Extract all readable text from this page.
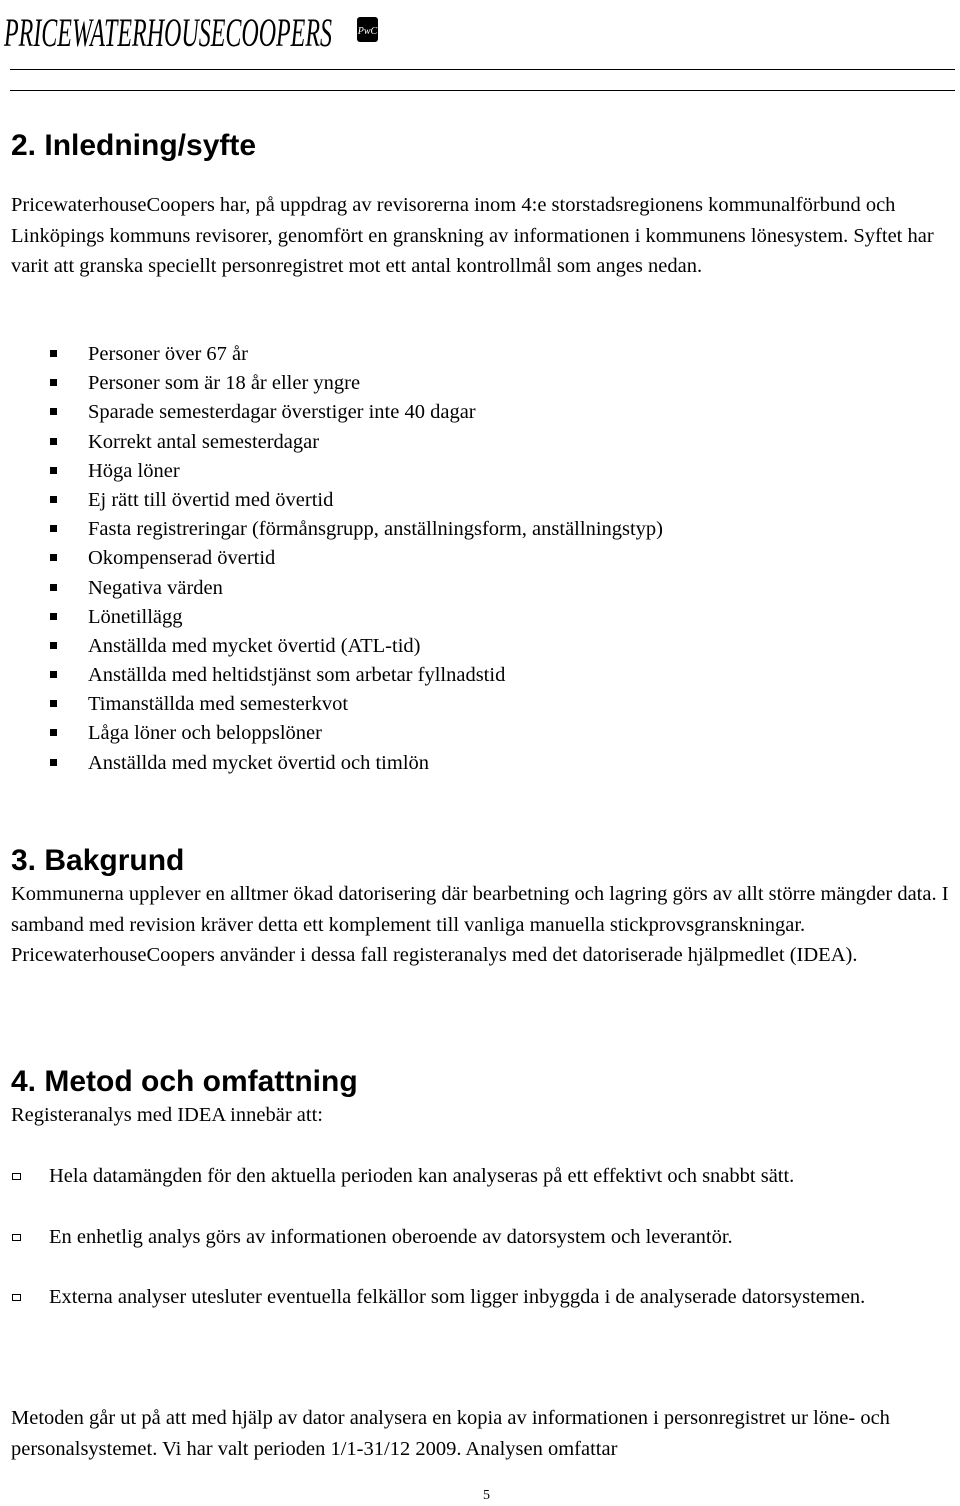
PRICEWATERHOUSECOOPERS	PwC
2. Inledning/syfte

PricewaterhouseCoopers har, på uppdrag av revisorerna inom 4:e storstadsregionens kommunalförbund och Linköpings kommuns revisorer, genomfört en granskning av informationen i kommunens lönesystem. Syftet har varit att granska speciellt personregistret mot ett antal kontrollmål som anges nedan.

Personer över 67 år
Personer som är 18 år eller yngre
Sparade semesterdagar överstiger inte 40 dagar
Korrekt antal semesterdagar
Höga löner
Ej rätt till övertid med övertid
Fasta registreringar (förmånsgrupp, anställningsform, anställningstyp)
Okompenserad övertid
Negativa värden
Lönetillägg
Anställda med mycket övertid (ATL-tid)
Anställda med heltidstjänst som arbetar fyllnadstid
Timanställda med semesterkvot
Låga löner och beloppslöner
Anställda med mycket övertid och timlön
3. Bakgrund

Kommunerna upplever en alltmer ökad datorisering där bearbetning och lagring görs av allt större mängder data. I samband med revision kräver detta ett komplement till vanliga manuella stickprovsgranskningar. PricewaterhouseCoopers använder i dessa fall registeranalys med det datoriserade hjälpmedlet (IDEA).

4. Metod och omfattning

Registeranalys med IDEA innebär att:

Hela datamängden för den aktuella perioden kan analyseras på ett effektivt och snabbt sätt.
En enhetlig analys görs av informationen oberoende av datorsystem och leverantör.
Externa analyser utesluter eventuella felkällor som ligger inbyggda i de analyserade datorsystemen.

Metoden går ut på att med hjälp av dator analysera en kopia av informationen i personregistret ur löne- och personalsystemet. Vi har valt perioden 1/1-31/12 2009. Analysen omfattar

5
